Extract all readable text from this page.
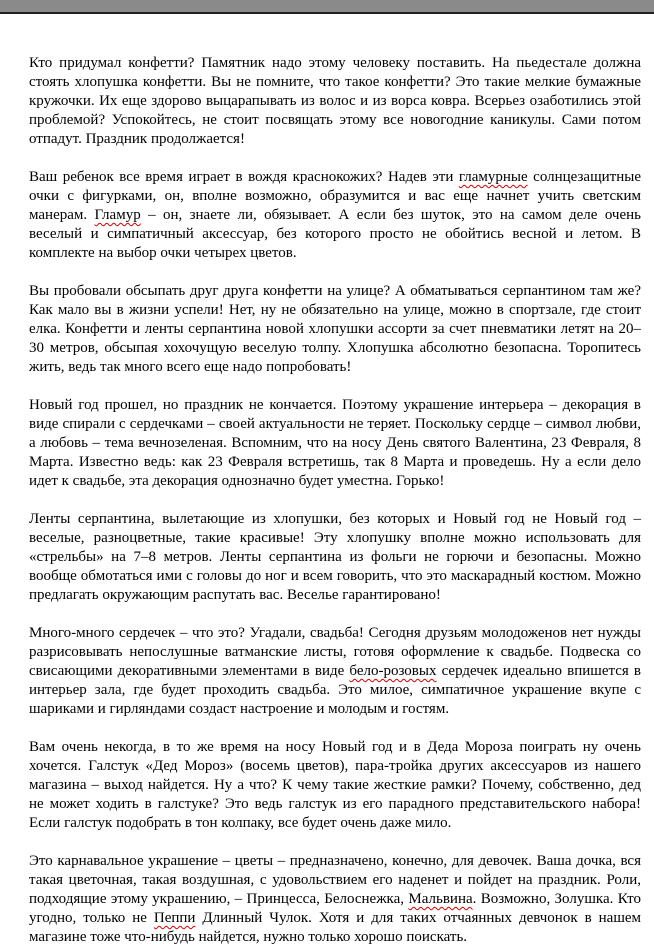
Кто придумал конфетти? Памятник надо этому человеку поставить. На пьедестале должна стоять хлопушка конфетти. Вы не помните, что такое конфетти? Это такие мелкие бумажные кружочки. Их еще здорово выцарапывать из волос и из ворса ковра. Всерьез озаботились этой проблемой? Успокойтесь, не стоит посвящать этому все новогодние каникулы. Сами потом отпадут. Праздник продолжается!

Ваш ребенок все время играет в вождя краснокожих? Надев эти гламурные солнцезащитные очки с фигурками, он, вполне возможно, образумится и вас еще начнет учить светским манерам. Гламур – он, знаете ли, обязывает. А если без шуток, это на самом деле очень веселый и симпатичный аксессуар, без которого просто не обойтись весной и летом. В комплекте на выбор очки четырех цветов.

Вы пробовали обсыпать друг друга конфетти на улице? А обматываться серпантином там же? Как мало вы в жизни успели! Нет, ну не обязательно на улице, можно в спортзале, где стоит елка. Конфетти и ленты серпантина новой хлопушки ассорти за счет пневматики летят на 20–30 метров, обсыпая хохочущую веселую толпу. Хлопушка абсолютно безопасна. Торопитесь жить, ведь так много всего еще надо попробовать!

Новый год прошел, но праздник не кончается. Поэтому украшение интерьера – декорация в виде спирали с сердечками – своей актуальности не теряет. Поскольку сердце – символ любви, а любовь – тема вечнозеленая. Вспомним, что на носу День святого Валентина, 23 Февраля, 8 Марта. Известно ведь: как 23 Февраля встретишь, так 8 Марта и проведешь. Ну а если дело идет к свадьбе, эта декорация однозначно будет уместна. Горько!

Ленты серпантина, вылетающие из хлопушки, без которых и Новый год не Новый год – веселые, разноцветные, такие красивые! Эту хлопушку вполне можно использовать для «стрельбы» на 7–8 метров. Ленты серпантина из фольги не горючи и безопасны. Можно вообще обмотаться ими с головы до ног и всем говорить, что это маскарадный костюм. Можно предлагать окружающим распутать вас. Веселье гарантировано!

Много-много сердечек – что это? Угадали, свадьба! Сегодня друзьям молодоженов нет нужды разрисовывать непослушные ватманские листы, готовя оформление к свадьбе. Подвеска со свисающими декоративными элементами в виде бело-розовых сердечек идеально впишется в интерьер зала, где будет проходить свадьба. Это милое, симпатичное украшение вкупе с шариками и гирляндами создаст настроение и молодым и гостям.

Вам очень некогда, в то же время на носу Новый год и в Деда Мороза поиграть ну очень хочется. Галстук «Дед Мороз» (восемь цветов), пара-тройка других аксессуаров из нашего магазина – выход найдется. Ну а что? К чему такие жесткие рамки? Почему, собственно, дед не может ходить в галстуке? Это ведь галстук из его парадного представительского набора! Если галстук подобрать в тон колпаку, все будет очень даже мило.

Это карнавальное украшение – цветы – предназначено, конечно, для девочек. Ваша дочка, вся такая цветочная, такая воздушная, с удовольствием его наденет и пойдет на праздник. Роли, подходящие этому украшению, – Принцесса, Белоснежка, Мальвина. Возможно, Золушка. Кто угодно, только не Пеппи Длинный Чулок. Хотя и для таких отчаянных девчонок в нашем магазине тоже что-нибудь найдется, нужно только хорошо поискать.
